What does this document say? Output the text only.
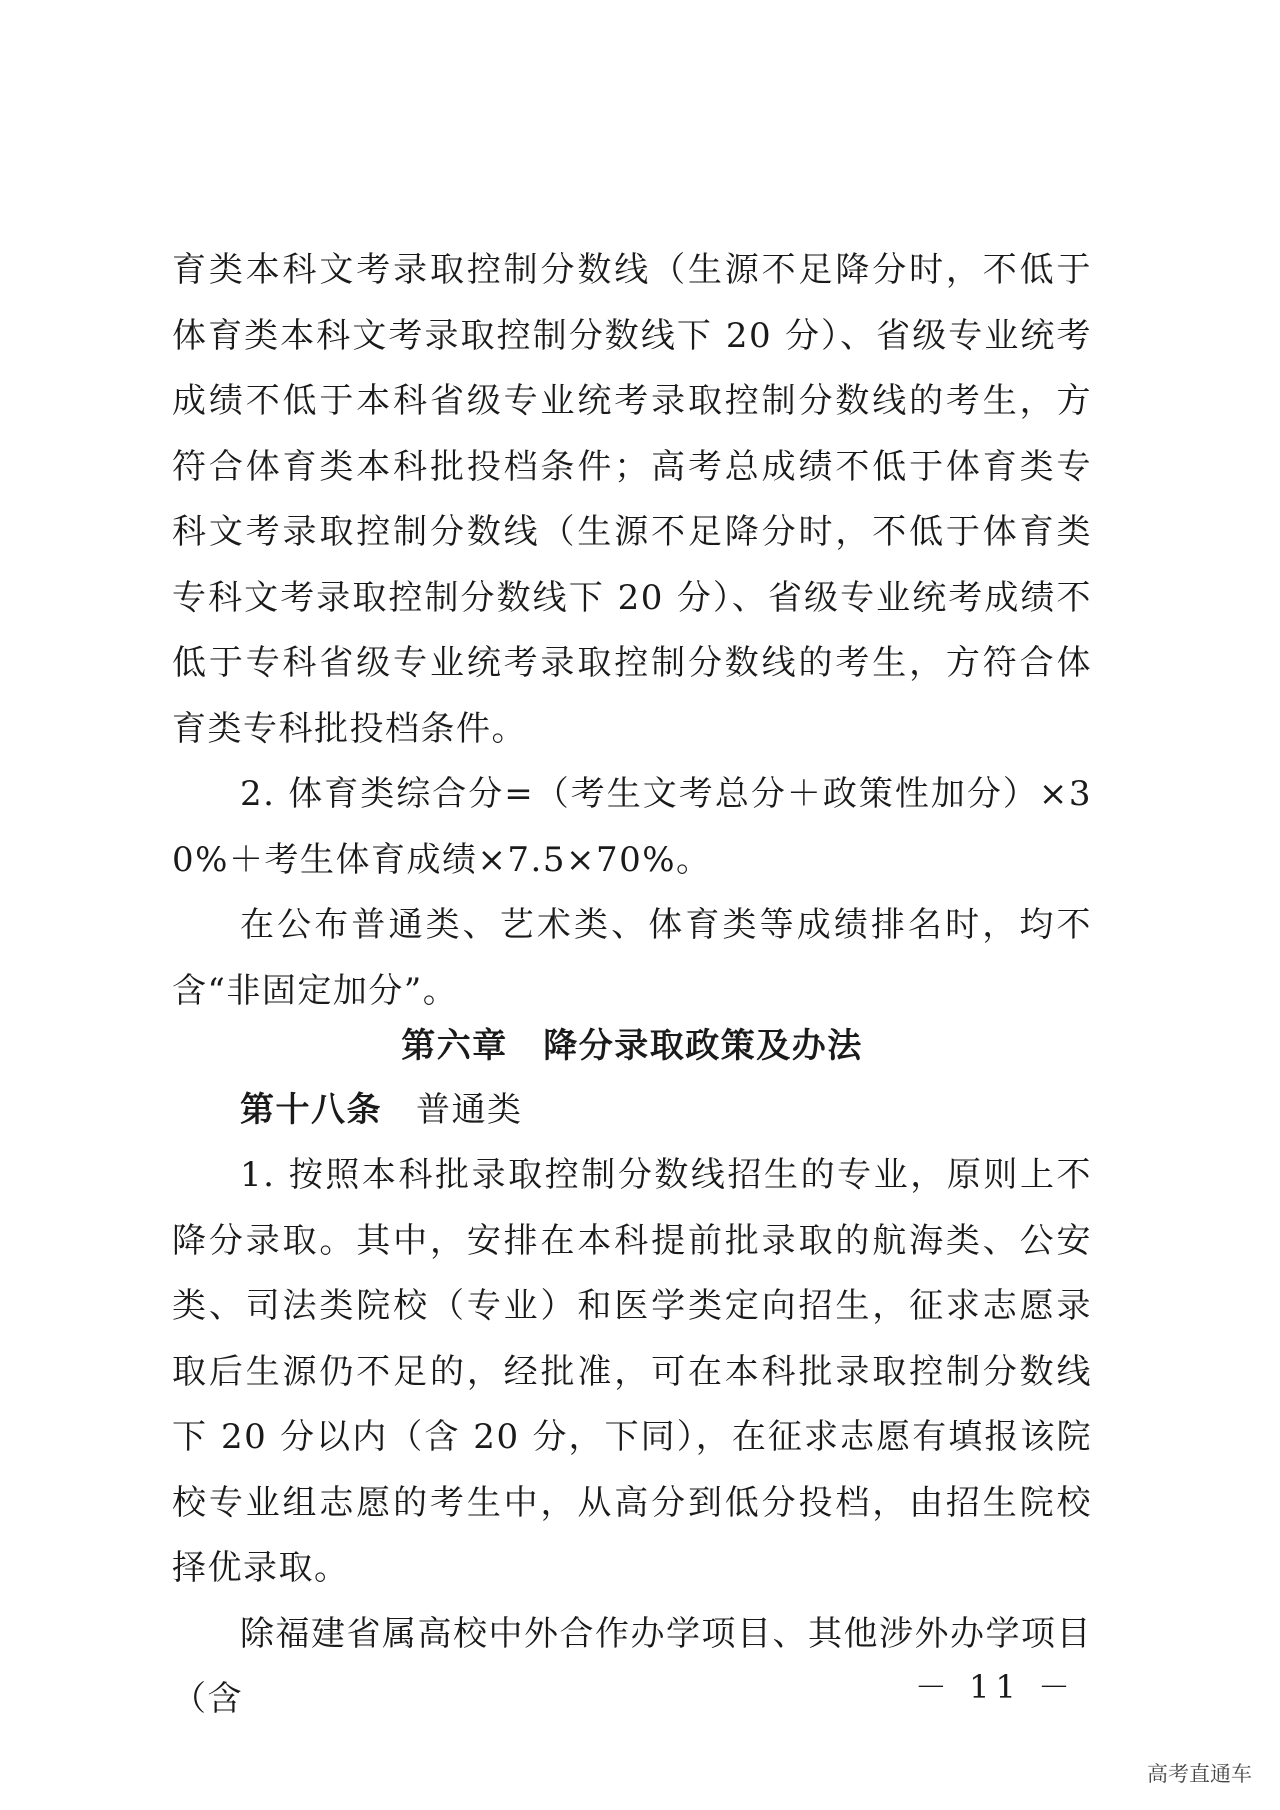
育类本科文考录取控制分数线（生源不足降分时，不低于体育类本科文考录取控制分数线下 20 分）、省级专业统考成绩不低于本科省级专业统考录取控制分数线的考生，方符合体育类本科批投档条件；高考总成绩不低于体育类专科文考录取控制分数线（生源不足降分时，不低于体育类专科文考录取控制分数线下 20 分）、省级专业统考成绩不低于专科省级专业统考录取控制分数线的考生，方符合体育类专科批投档条件。

2. 体育类综合分=（考生文考总分＋政策性加分）×30%＋考生体育成绩×7.5×70%。

在公布普通类、艺术类、体育类等成绩排名时，均不含“非固定加分”。

第六章　降分录取政策及办法
第十八条 普通类

1. 按照本科批录取控制分数线招生的专业，原则上不降分录取。其中，安排在本科提前批录取的航海类、公安类、司法类院校（专业）和医学类定向招生，征求志愿录取后生源仍不足的，经批准，可在本科批录取控制分数线下 20 分以内（含 20 分，下同），在征求志愿有填报该院校专业组志愿的考生中，从高分到低分投档，由招生院校择优录取。

除福建省属高校中外合作办学项目、其他涉外办学项目（含	－ 11 －
高考直通车
